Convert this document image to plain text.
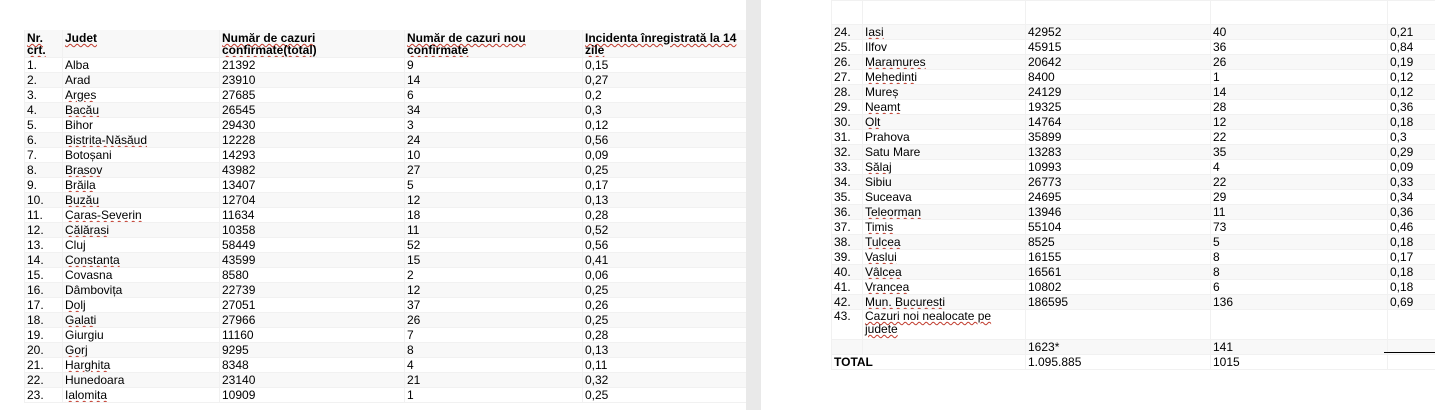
Nr. crt.	Judet	Număr de cazuri confirmate(total)	Număr de cazuri nou confirmate	Incidenta înregistrată la 14 zile
1.	Alba	21392	9	0,15
2.	Arad	23910	14	0,27
3.	Arges	27685	6	0,2
4.	Bacău	26545	34	0,3
5.	Bihor	29430	3	0,12
6.	Bistrita-Năsăud	12228	24	0,56
7.	Botoșani	14293	10	0,09
8.	Brasov	43982	27	0,25
9.	Brăila	13407	5	0,17
10.	Buzău	12704	12	0,13
11.	Caras-Severin	11634	18	0,28
12.	Călărasi	10358	11	0,52
13.	Cluj	58449	52	0,56
14.	Constanta	43599	15	0,41
15.	Covasna	8580	2	0,06
16.	Dâmbovița	22739	12	0,25
17.	Dolj	27051	37	0,26
18.	Galati	27966	26	0,25
19.	Giurgiu	11160	7	0,28
20.	Gorj	9295	8	0,13
21.	Harghita	8348	4	0,11
22.	Hunedoara	23140	21	0,32
23.	Ialomita	10909	1	0,25

24.	Iasi	42952	40	0,21
25.	Ilfov	45915	36	0,84
26.	Maramures	20642	26	0,19
27.	Mehedinti	8400	1	0,12
28.	Mureș	24129	14	0,12
29.	Neamt	19325	28	0,36
30.	Olt	14764	12	0,18
31.	Prahova	35899	22	0,3
32.	Satu Mare	13283	35	0,29
33.	Sălaj	10993	4	0,09
34.	Sibiu	26773	22	0,33
35.	Suceava	24695	29	0,34
36.	Teleorman	13946	11	0,36
37.	Timis	55104	73	0,46
38.	Tulcea	8525	5	0,18
39.	Vaslui	16155	8	0,17
40.	Vâlcea	16561	8	0,18
41.	Vrancea	10802	6	0,18
42.	Mun. Bucuresti	186595	136	0,69
43.	Cazuri noi nealocate pe judete			
		1623*	141	
TOTAL		1.095.885	1015	
